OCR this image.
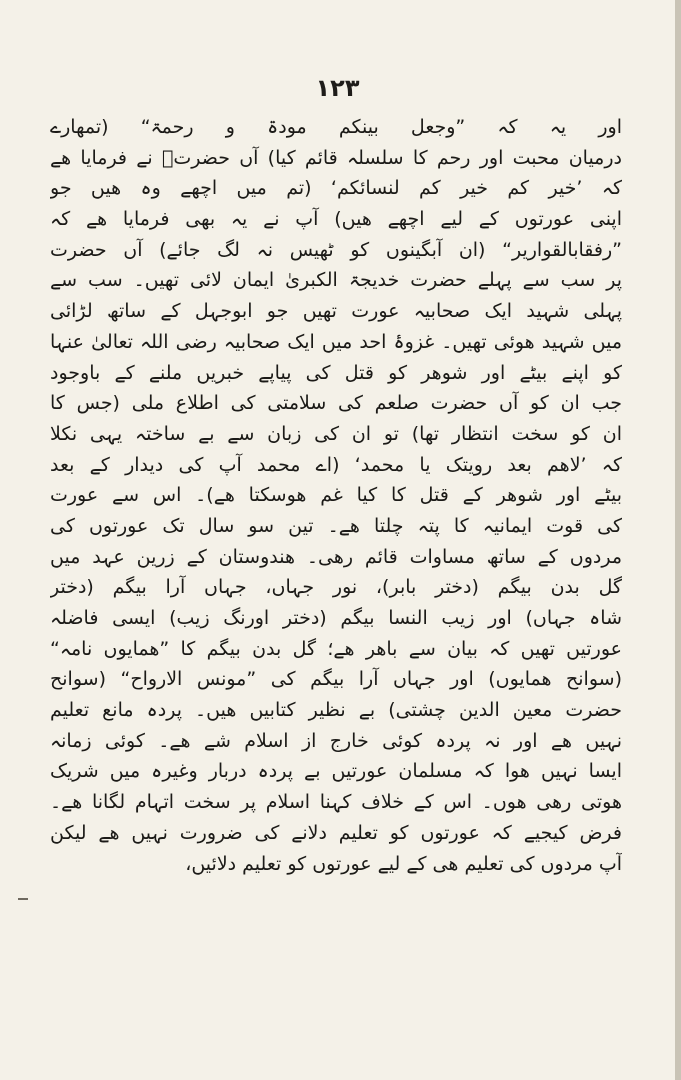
۱۲۳
اور یہ کہ ”وجعل بینکم مودۃ و رحمۃ“ (تمھارے
درمیان محبت اور رحم کا سلسلہ قائم کیا) آں حضرتؐ نے فرمایا ھے
کہ ’خیر کم خیر کم لنسائکم‘ (تم میں اچھے وہ ھیں جو
اپنی عورتوں کے لیے اچھے ھیں) آپ نے یہ بھی فرمایا ھے کہ
”رفقابالقواریر“ (ان آبگینوں کو ٹھیس نہ لگ جائے) آں حضرت
پر سب سے پہلے حضرت خدیجۃ الکبریٰ ایمان لائی تھیں۔ سب سے
پہلی شہید ایک صحابیہ عورت تھیں جو ابوجہل کے ساتھ لڑائی
میں شہید ھوئی تھیں۔ غزوۂ احد میں ایک صحابیہ رضی اللہ تعالیٰ عنہا
کو اپنے بیٹے اور شوھر کو قتل کی پیاپے خبریں ملنے کے باوجود
جب ان کو آں حضرت صلعم کی سلامتی کی اطلاع ملی (جس کا
ان کو سخت انتظار تھا) تو ان کی زبان سے بے ساختہ یہی نکلا
کہ ’لاھم بعد رویتک یا محمد‘ (اے محمد آپ کی دیدار کے بعد
بیٹے اور شوھر کے قتل کا کیا غم ھوسکتا ھے)۔ اس سے عورت
کی قوت ایمانیہ کا پتہ چلتا ھے۔ تین سو سال تک عورتوں کی
مردوں کے ساتھ مساوات قائم رھی۔ ھندوستان کے زرین عہد میں
گل بدن بیگم (دختر بابر)، نور جہاں، جہاں آرا بیگم (دختر
شاہ جہاں) اور زیب النسا بیگم (دختر اورنگ زیب) ایسی فاضلہ
عورتیں تھیں کہ بیان سے باھر ھے؛ گل بدن بیگم کا ”ھمایوں نامہ“
(سوانح ھمایوں) اور جہاں آرا بیگم کی ”مونس الارواح“ (سوانح
حضرت معین الدین چشتی) بے نظیر کتابیں ھیں۔ پردہ مانع تعلیم
نہیں ھے اور نہ پردہ کوئی خارج از اسلام شے ھے۔ کوئی زمانہ
ایسا نہیں ھوا کہ مسلمان عورتیں بے پردہ دربار وغیرہ میں شریک
ھوتی رھی ھوں۔ اس کے خلاف کہنا اسلام پر سخت اتہام لگانا ھے۔
فرض کیجیے کہ عورتوں کو تعلیم دلانے کی ضرورت نہیں ھے لیکن
آپ مردوں کی تعلیم ھی کے لیے عورتوں کو تعلیم دلائیں،
